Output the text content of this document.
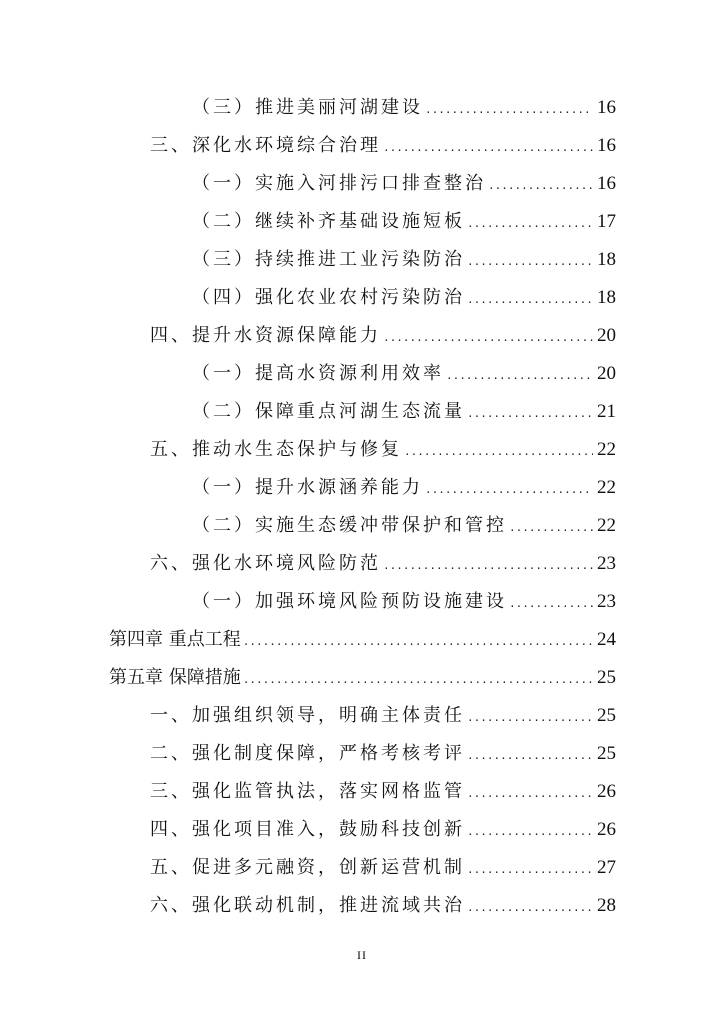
（三）推进美丽河湖建设 .....	16
三、深化水环境综合治理 .....	16
（一）实施入河排污口排查整治 .....	16
（二）继续补齐基础设施短板 .....	17
（三）持续推进工业污染防治 .....	18
（四）强化农业农村污染防治 .....	18
四、提升水资源保障能力 .....	20
（一）提高水资源利用效率 .....	20
（二）保障重点河湖生态流量 .....	21
五、推动水生态保护与修复 .....	22
（一）提升水源涵养能力 .....	22
（二）实施生态缓冲带保护和管控 .....	22
六、强化水环境风险防范 .....	23
（一）加强环境风险预防设施建设 .....	23
第四章 重点工程 .....	24
第五章 保障措施 .....	25
一、加强组织领导，明确主体责任 .....	25
二、强化制度保障，严格考核考评 .....	25
三、强化监管执法，落实网格监管 .....	26
四、强化项目准入，鼓励科技创新 .....	26
五、促进多元融资，创新运营机制 .....	27
六、强化联动机制，推进流域共治 .....	28
II
